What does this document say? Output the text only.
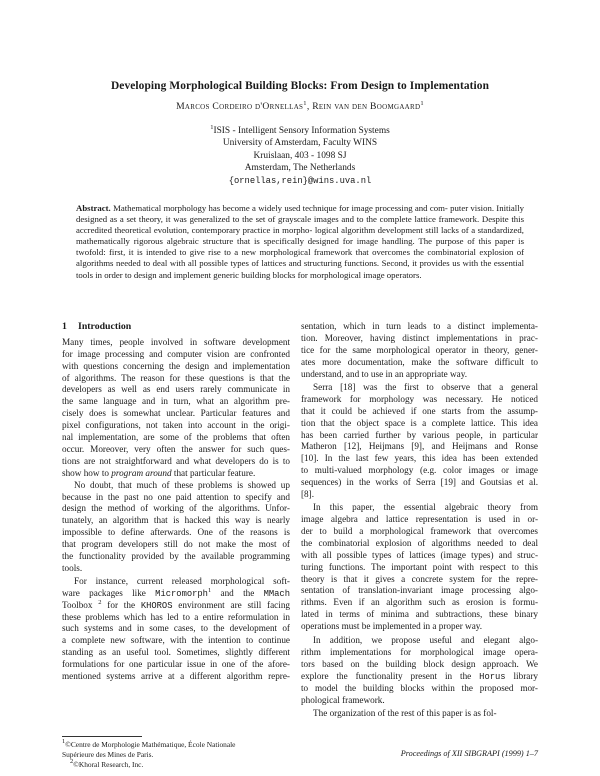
Developing Morphological Building Blocks: From Design to Implementation
Marcos Cordeiro d'Ornellas$^1$, Rein van den Boomgaard$^1$
$^1$ISIS - Intelligent Sensory Information Systems
University of Amsterdam, Faculty WINS
Kruislaan, 403 - 1098 SJ
Amsterdam, The Netherlands
{ornellas,rein}@wins.uva.nl
Abstract. Mathematical morphology has become a widely used technique for image processing and com- puter vision. Initially designed as a set theory, it was generalized to the set of grayscale images and to the complete lattice framework. Despite this accredited theoretical evolution, contemporary practice in morpho- logical algorithm development still lacks of a standardized, mathematically rigorous algebraic structure that is specifically designed for image handling. The purpose of this paper is twofold: first, it is intended to give rise to a new morphological framework that overcomes the combinatorial explosion of algorithms needed to deal with all possible types of lattices and structuring functions. Second, it provides us with the essential tools in order to design and implement generic building blocks for morphological image operators.
1 Introduction
Many times, people involved in software development
for image processing and computer vision are confronted
with questions concerning the design and implementation
of algorithms. The reason for these questions is that the
developers as well as end users rarely communicate in
the same language and in turn, what an algorithm pre-
cisely does is somewhat unclear. Particular features and
pixel configurations, not taken into account in the origi-
nal implementation, are some of the problems that often
occur. Moreover, very often the answer for such ques-
tions are not straightforward and what developers do is to
show how to program around that particular feature.
No doubt, that much of these problems is showed up
because in the past no one paid attention to specify and
design the method of working of the algorithms. Unfor-
tunately, an algorithm that is hacked this way is nearly
impossible to define afterwards. One of the reasons is
that program developers still do not make the most of
the functionality provided by the available programming
tools.
For instance, current released morphological soft-
ware packages like Micromorph$^1$ and the MMach
Toolbox $^2$ for the KHOROS environment are still facing
these problems which has led to a entire reformulation in
such systems and in some cases, to the development of
a complete new software, with the intention to continue
standing as an useful tool. Sometimes, slightly different
formulations for one particular issue in one of the afore-
mentioned systems arrive at a different algorithm repre-
$^1$©Centre de Morphologie Mathématique, École Nationale
Supérieure des Mines de Paris.
$^2$©Khoral Research, Inc.
sentation, which in turn leads to a distinct implementa-
tion. Moreover, having distinct implementations in prac-
tice for the same morphological operator in theory, gener-
ates more documentation, make the software difficult to
understand, and to use in an appropriate way.
Serra [18] was the first to observe that a general
framework for morphology was necessary. He noticed
that it could be achieved if one starts from the assump-
tion that the object space is a complete lattice. This idea
has been carried further by various people, in particular
Matheron [12], Heijmans [9], and Heijmans and Ronse
[10]. In the last few years, this idea has been extended
to multi-valued morphology (e.g. color images or image
sequences) in the works of Serra [19] and Goutsias et al.
[8].
In this paper, the essential algebraic theory from
image algebra and lattice representation is used in or-
der to build a morphological framework that overcomes
the combinatorial explosion of algorithms needed to deal
with all possible types of lattices (image types) and struc-
turing functions. The important point with respect to this
theory is that it gives a concrete system for the repre-
sentation of translation-invariant image processing algo-
rithms. Even if an algorithm such as erosion is formu-
lated in terms of minima and subtractions, these binary
operations must be implemented in a proper way.
In addition, we propose useful and elegant algo-
rithm implementations for morphological image opera-
tors based on the building block design approach. We
explore the functionality present in the Horus library
to model the building blocks within the proposed mor-
phological framework.
The organization of the rest of this paper is as fol-
Proceedings of XII SIBGRAPI (1999) 1–7
